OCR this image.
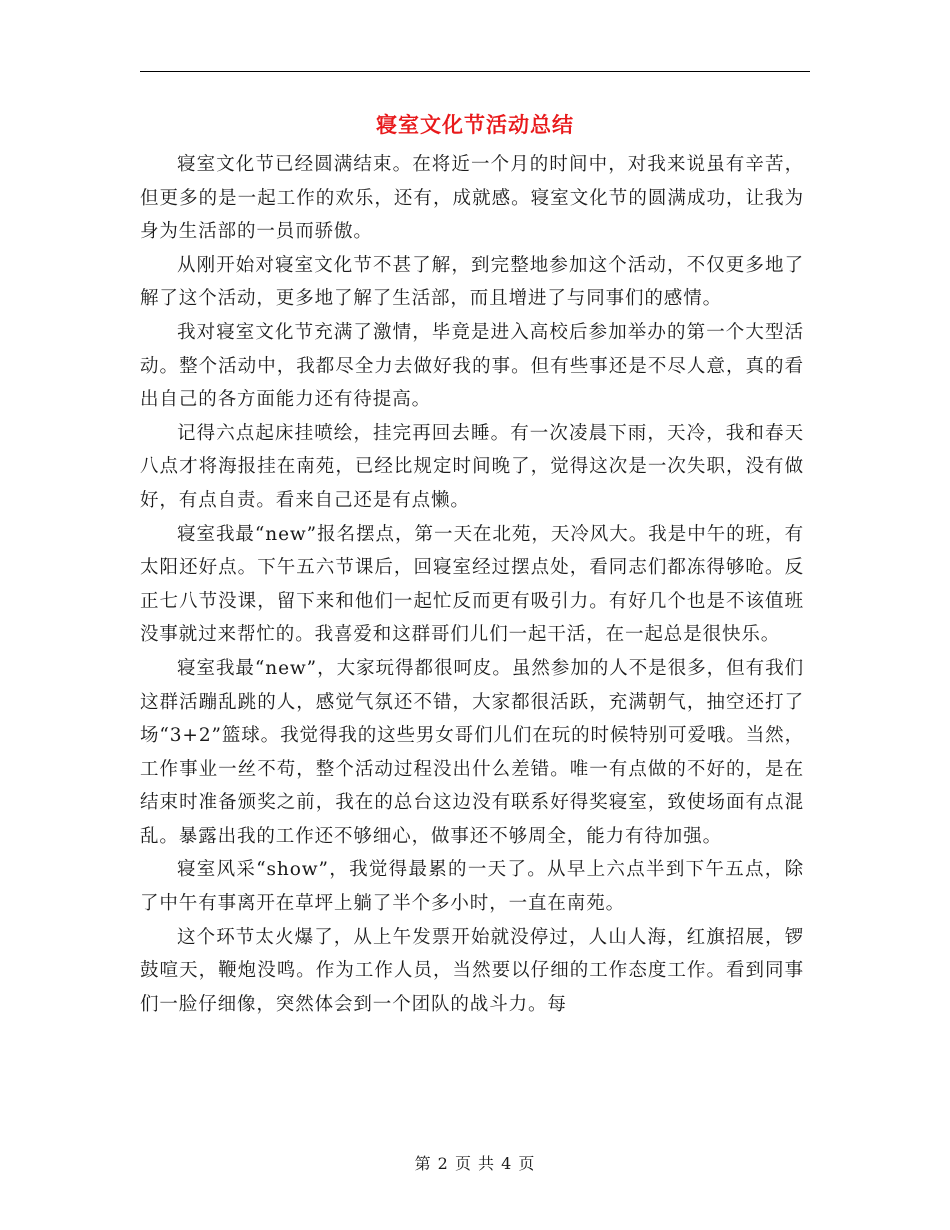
寝室文化节活动总结

寝室文化节已经圆满结束。在将近一个月的时间中，对我来说虽有辛苦，但更多的是一起工作的欢乐，还有，成就感。寝室文化节的圆满成功，让我为身为生活部的一员而骄傲。

从刚开始对寝室文化节不甚了解，到完整地参加这个活动，不仅更多地了解了这个活动，更多地了解了生活部，而且增进了与同事们的感情。

我对寝室文化节充满了激情，毕竟是进入高校后参加举办的第一个大型活动。整个活动中，我都尽全力去做好我的事。但有些事还是不尽人意，真的看出自己的各方面能力还有待提高。

记得六点起床挂喷绘，挂完再回去睡。有一次凌晨下雨，天冷，我和春天八点才将海报挂在南苑，已经比规定时间晚了，觉得这次是一次失职，没有做好，有点自责。看来自己还是有点懒。

寝室我最“new”报名摆点，第一天在北苑，天冷风大。我是中午的班，有太阳还好点。下午五六节课后，回寝室经过摆点处，看同志们都冻得够呛。反正七八节没课，留下来和他们一起忙反而更有吸引力。有好几个也是不该值班没事就过来帮忙的。我喜爱和这群哥们儿们一起干活，在一起总是很快乐。

寝室我最“new”，大家玩得都很呵皮。虽然参加的人不是很多，但有我们这群活蹦乱跳的人，感觉气氛还不错，大家都很活跃，充满朝气，抽空还打了场“3+2”篮球。我觉得我的这些男女哥们儿们在玩的时候特别可爱哦。当然，工作事业一丝不苟，整个活动过程没出什么差错。唯一有点做的不好的，是在结束时准备颁奖之前，我在的总台这边没有联系好得奖寝室，致使场面有点混乱。暴露出我的工作还不够细心，做事还不够周全，能力有待加强。

寝室风采“show”，我觉得最累的一天了。从早上六点半到下午五点，除了中午有事离开在草坪上躺了半个多小时，一直在南苑。

这个环节太火爆了，从上午发票开始就没停过，人山人海，红旗招展，锣鼓喧天，鞭炮没鸣。作为工作人员，当然要以仔细的工作态度工作。看到同事们一脸仔细像，突然体会到一个团队的战斗力。每

第 2 页 共 4 页
